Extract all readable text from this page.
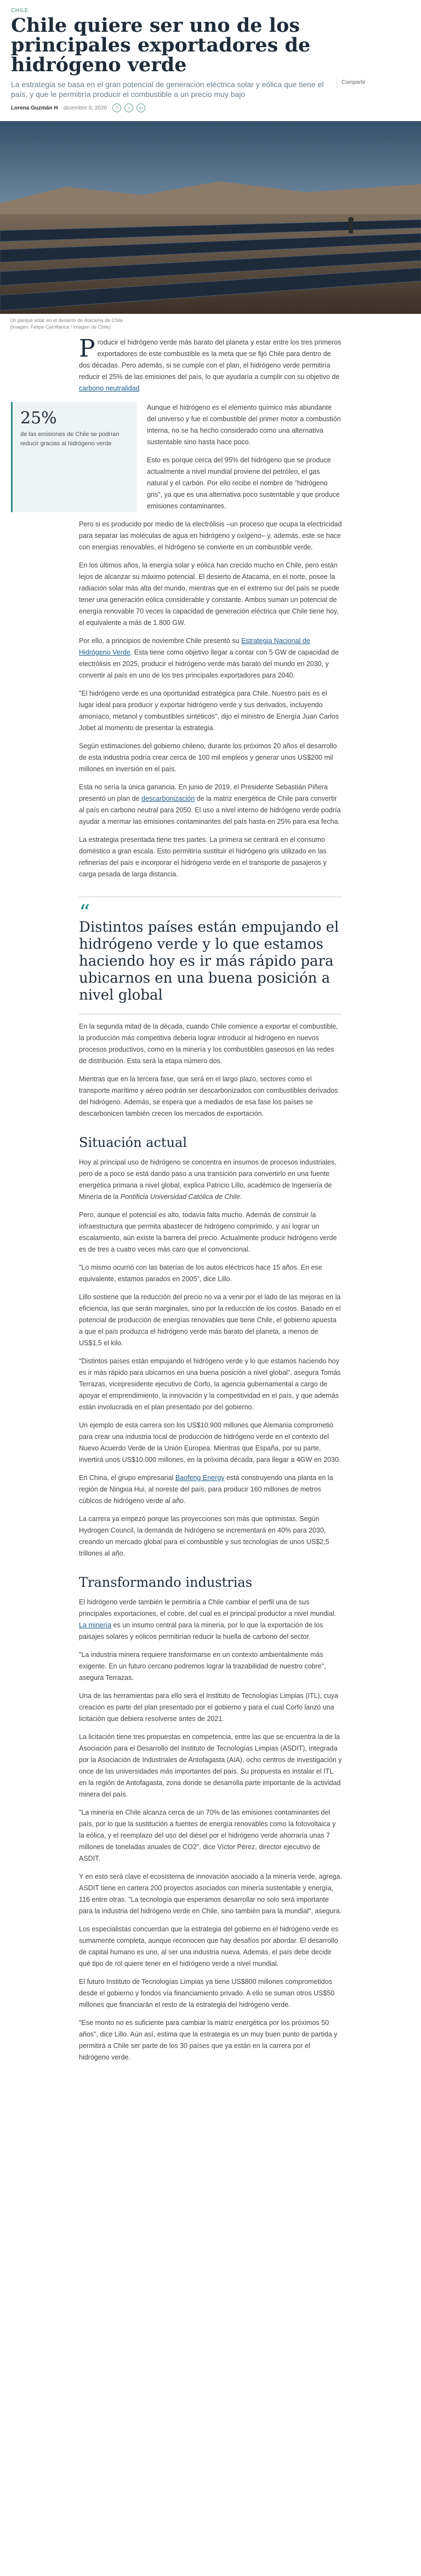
CHILE
Chile quiere ser uno de los principales exportadores de hidrógeno verde
La estrategia se basa en el gran potencial de generación eléctrica solar y eólica que tiene el país, y que le permitiría producir el combustible a un precio muy bajo
Compartir
Lorena Guzmán H diciembre 9, 2020	f	t	in
Un parque solar en el desierto de Atacama de Chile (Imagen: Felipe Carrillanca / Imagen de Chile)

Producir el hidrógeno verde más barato del planeta y estar entre los tres primeros exportadores de este combustible es la meta que se fijó Chile para dentro de dos décadas. Pero además, si se cumple con el plan, el hidrógeno verde permitiría reducir el 25% de las emisiones del país, lo que ayudaría a cumplir con su objetivo de carbono neutralidad

25%
de las emisiones de Chile se podrían reducir gracias al hidrógeno verde

Aunque el hidrógeno es el elemento químico más abundante del universo y fue el combustible del primer motor a combustión interna, no se ha hecho considerado como una alternativa sustentable sino hasta hace poco.

Esto es porque cerca del 95% del hidrógeno que se produce actualmente a nivel mundial proviene del petróleo, el gas natural y el carbón. Por ello recibe el nombre de "hidrógeno gris", ya que es una alternativa poco sustentable y que produce emisiones contaminantes.

Pero si es producido por medio de la electrólisis –un proceso que ocupa la electricidad para separar las moléculas de agua en hidrógeno y oxígeno– y, además, este se hace con energías renovables, el hidrógeno se convierte en un combustible verde.

En los últimos años, la energía solar y eólica han crecido mucho en Chile, pero están lejos de alcanzar su máximo potencial. El desierto de Atacama, en el norte, posee la radiación solar más alta del mundo, mientras que en el extremo sur del país se puede tener una generación eólica considerable y constante. Ambos suman un potencial de energía renovable 70 veces la capacidad de generación eléctrica que Chile tiene hoy, el equivalente a más de 1.800 GW.

Por ello, a principios de noviembre Chile presentó su Estrategia Nacional de Hidrógeno Verde. Esta tiene como objetivo llegar a contar con 5 GW de capacidad de electrólisis en 2025, producir el hidrógeno verde más barato del mundo en 2030, y convertir al país en uno de los tres principales exportadores para 2040.

"El hidrógeno verde es una oportunidad estratégica para Chile. Nuestro país es el lugar ideal para producir y exportar hidrógeno verde y sus derivados, incluyendo amoníaco, metanol y combustibles sintéticos", dijo el ministro de Energía Juan Carlos Jobet al momento de presentar la estrategia.

Según estimaciones del gobierno chileno, durante los próximos 20 años el desarrollo de esta industria podría crear cerca de 100 mil empleos y generar unos US$200 mil millones en inversión en el país.

Esta no sería la única ganancia. En junio de 2019, el Presidente Sebastián Piñera presentó un plan de descarbonización de la matriz energética de Chile para convertir al país en carbono neutral para 2050. El uso a nivel interno de hidrógeno verde podría ayudar a mermar las emisiones contaminantes del país hasta en 25% para esa fecha.

La estrategia presentada tiene tres partes. La primera se centrará en el consumo doméstico a gran escala. Esto permitiría sustituir el hidrógeno gris utilizado en las refinerías del país e incorporar el hidrógeno verde en el transporte de pasajeros y carga pesada de larga distancia.

“
Distintos países están empujando el hidrógeno verde y lo que estamos haciendo hoy es ir más rápido para ubicarnos en una buena posición a nivel global

En la segunda mitad de la década, cuando Chile comience a exportar el combustible, la producción más competitiva debería lograr introducir al hidrógeno en nuevos procesos productivos, como en la minería y los combustibles gaseosos en las redes de distribución. Esta será la etapa número dos.

Mientras que en la tercera fase, que será en el largo plazo, sectores como el transporte marítimo y aéreo podrán ser descarbonizados con combustibles derivados del hidrógeno. Además, se espera que a mediados de esa fase los países se descarbonicen también crecen los mercados de exportación.

Situación actual

Hoy al principal uso de hidrógeno se concentra en insumos de procesos industriales, pero de a poco se está dando paso a una transición para convertirlo en una fuente energética primaria a nivel global, explica Patricio Lillo, académico de Ingeniería de Minería de la Pontificia Universidad Católica de Chile.

Pero, aunque el potencial es alto, todavía falta mucho. Además de construir la infraestructura que permita abastecer de hidrógeno comprimido, y así lograr un escalamiento, aún existe la barrera del precio. Actualmente producir hidrógeno verde es de tres a cuatro veces más caro que el convencional.

"Lo mismo ocurrió con las baterías de los autos eléctricos hace 15 años. En ese equivalente, estamos parados en 2005", dice Lillo.

Lillo sostiene que la reducción del precio no va a venir por el lado de las mejoras en la eficiencia, las que serán marginales, sino por la reducción de los costos. Basado en el potencial de producción de energías renovables que tiene Chile, el gobierno apuesta a que el país produzca el hidrógeno verde más barato del planeta, a menos de US$1,5 el kilo.

"Distintos países están empujando el hidrógeno verde y lo que estamos haciendo hoy es ir más rápido para ubicarnos en una buena posición a nivel global", asegura Tomás Terrazas, vicepresidente ejecutivo de Corfo, la agencia gubernamental a cargo de apoyar el emprendimiento, la innovación y la competitividad en el país, y que además están involucrada en el plan presentado por del gobierno.

Un ejemplo de esta carrera son los US$10.900 millones que Alemania comprometió para crear una industria local de producción de hidrógeno verde en el contexto del Nuevo Acuerdo Verde de la Unión Europea. Mientras que España, por su parte, invertirá unos US$10.000 millones, en la próxima década, para llegar a 4GW en 2030.

En China, el grupo empresarial Baofeng Energy está construyendo una planta en la región de Ningxia Hui, al noreste del país, para producir 160 millones de metros cúbicos de hidrógeno verde al año.

La carrera ya empezó porque las proyecciones son más que optimistas. Según Hydrogen Council, la demanda de hidrógeno se incrementará en 40% para 2030, creando un mercado global para el combustible y sus tecnologías de unos US$2,5 trillones al año.

Transformando industrias

El hidrógeno verde también le permitiría a Chile cambiar el perfil una de sus principales exportaciones, el cobre, del cual es el principal productor a nivel mundial. La minería es un insumo central para la minería, por lo que la exportación de los paisajes solares y eólicos permitirían reducir la huella de carbono del sector.

"La industria minera requiere transformarse en un contexto ambientalmente más exigente. En un futuro cercano podremos lograr la trazabilidad de nuestro cobre", asegura Terrazas.

Una de las herramientas para ello será el Instituto de Tecnologías Limpias (ITL), cuya creación es parte del plan presentado por el gobierno y para el cual Corfo lanzó una licitación que debiera resolverse antes de 2021.

La licitación tiene tres propuestas en competencia, entre las que se encuentra la de la Asociación para el Desarrollo del Instituto de Tecnologías Limpias (ASDIT), integrada por la Asociación de Industriales de Antofagasta (AIA), ocho centros de investigación y once de las universidades más importantes del país. Su propuesta es instalar el ITL en la región de Antofagasta, zona donde se desarrolla parte importante de la actividad minera del país.

"La minería en Chile alcanza cerca de un 70% de las emisiones contaminantes del país, por lo que la sustitución a fuentes de energía renovables como la fotovoltaica y la eólica, y el reemplazo del uso del diésel por el hidrógeno verde ahorraría unas 7 millones de toneladas anuales de CO2", dice Víctor Pérez, director ejecutivo de ASDIT.

Y en esto será clave el ecosistema de innovación asociado a la minería verde, agrega. ASDIT tiene en cartera 200 proyectos asociados con minería sustentable y energía, 116 entre otras. "La tecnología que esperamos desarrollar no solo será importante para la industria del hidrógeno verde en Chile, sino también para la mundial", asegura.

Los especialistas concuerdan que la estrategia del gobierno en el hidrógeno verde es sumamente completa, aunque reconocen que hay desafíos por abordar. El desarrollo de capital humano es uno, al ser una industria nueva. Además, el país debe decidir qué tipo de rol quiere tener en el hidrógeno verde a nivel mundial.

El futuro Instituto de Tecnologías Limpias ya tiene US$800 millones comprometidos desde el gobierno y fondos vía financiamiento privado. A ello se suman otros US$50 millones que financiarán el resto de la estrategia del hidrógeno verde.

"Ese monto no es suficiente para cambiar la matriz energética por los próximos 50 años", dice Lillo. Aún así, estima que la estrategia es un muy buen punto de partida y permitirá a Chile ser parte de los 30 países que ya están en la carrera por el hidrógeno verde.
